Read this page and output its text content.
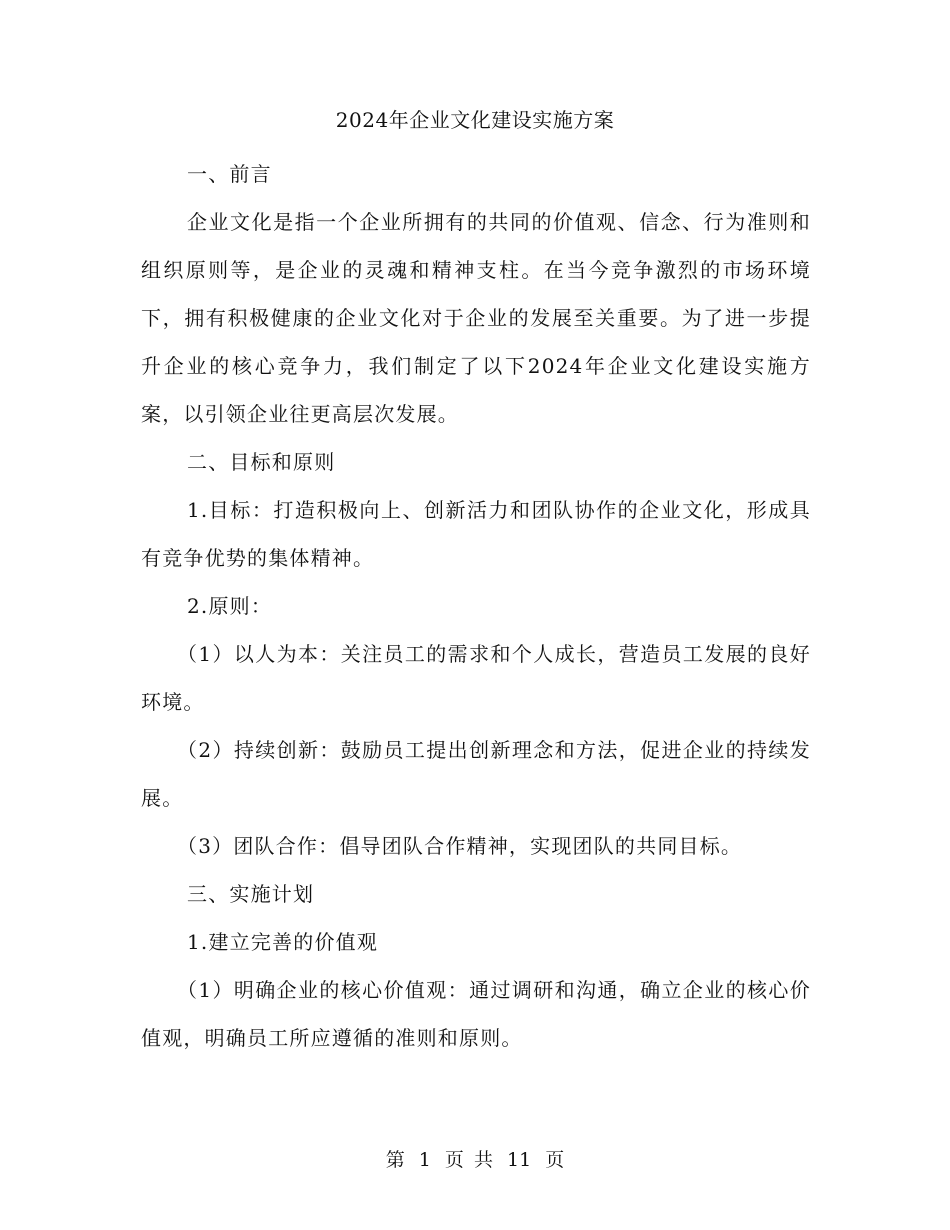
2024年企业文化建设实施方案

一、前言

企业文化是指一个企业所拥有的共同的价值观、信念、行为准则和组织原则等，是企业的灵魂和精神支柱。在当今竞争激烈的市场环境下，拥有积极健康的企业文化对于企业的发展至关重要。为了进一步提升企业的核心竞争力，我们制定了以下2024年企业文化建设实施方案，以引领企业往更高层次发展。

二、目标和原则

1.目标：打造积极向上、创新活力和团队协作的企业文化，形成具有竞争优势的集体精神。

2.原则：

（1）以人为本：关注员工的需求和个人成长，营造员工发展的良好环境。

（2）持续创新：鼓励员工提出创新理念和方法，促进企业的持续发展。

（3）团队合作：倡导团队合作精神，实现团队的共同目标。

三、实施计划

1.建立完善的价值观

（1）明确企业的核心价值观：通过调研和沟通，确立企业的核心价值观，明确员工所应遵循的准则和原则。

第 1 页 共 11 页
